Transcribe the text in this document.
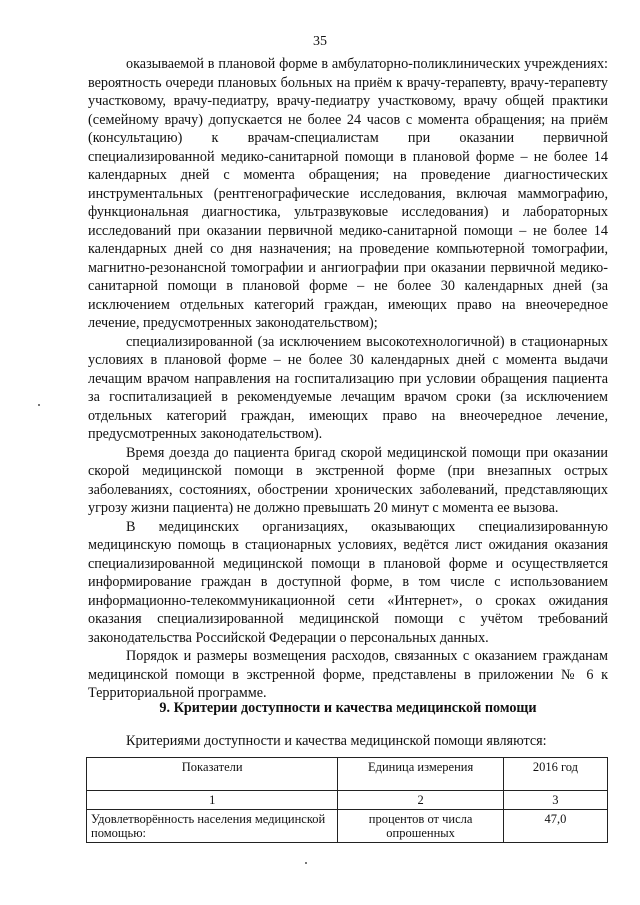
35

оказываемой в плановой форме в амбулаторно-поликлинических учреждениях: вероятность очереди плановых больных на приём к врачу-терапевту, врачу-терапевту участковому, врачу-педиатру, врачу-педиатру участковому, врачу общей практики (семейному врачу) допускается не более 24 часов с момента обращения; на приём (консультацию) к врачам-специалистам при оказании первичной специализированной медико-санитарной помощи в плановой форме – не более 14 календарных дней с момента обращения; на проведение диагностических инструментальных (рентгенографические исследования, включая маммографию, функциональная диагностика, ультразвуковые исследования) и лабораторных исследований при оказании первичной медико-санитарной помощи – не более 14 календарных дней со дня назначения; на проведение компьютерной томографии, магнитно-резонансной томографии и ангиографии при оказании первичной медико-санитарной помощи в плановой форме – не более 30 календарных дней (за исключением отдельных категорий граждан, имеющих право на внеочередное лечение, предусмотренных законодательством);

специализированной (за исключением высокотехнологичной) в стационарных условиях в плановой форме – не более 30 календарных дней с момента выдачи лечащим врачом направления на госпитализацию при условии обращения пациента за госпитализацией в рекомендуемые лечащим врачом сроки (за исключением отдельных категорий граждан, имеющих право на внеочередное лечение, предусмотренных законодательством).

Время доезда до пациента бригад скорой медицинской помощи при оказании скорой медицинской помощи в экстренной форме (при внезапных острых заболеваниях, состояниях, обострении хронических заболеваний, представляющих угрозу жизни пациента) не должно превышать 20 минут с момента ее вызова.

В медицинских организациях, оказывающих специализированную медицинскую помощь в стационарных условиях, ведётся лист ожидания оказания специализированной медицинской помощи в плановой форме и осуществляется информирование граждан в доступной форме, в том числе с использованием информационно-телекоммуникационной сети «Интернет», о сроках ожидания оказания специализированной медицинской помощи с учётом требований законодательства Российской Федерации о персональных данных.

Порядок и размеры возмещения расходов, связанных с оказанием гражданам медицинской помощи в экстренной форме, представлены в приложении № 6 к Территориальной программе.

9. Критерии доступности и качества медицинской помощи
Критериями доступности и качества медицинской помощи являются:
Показатели	Единица измерения	2016 год
1	2	3
Удовлетворённость населения медицинской помощью:	процентов от числа опрошенных	47,0
